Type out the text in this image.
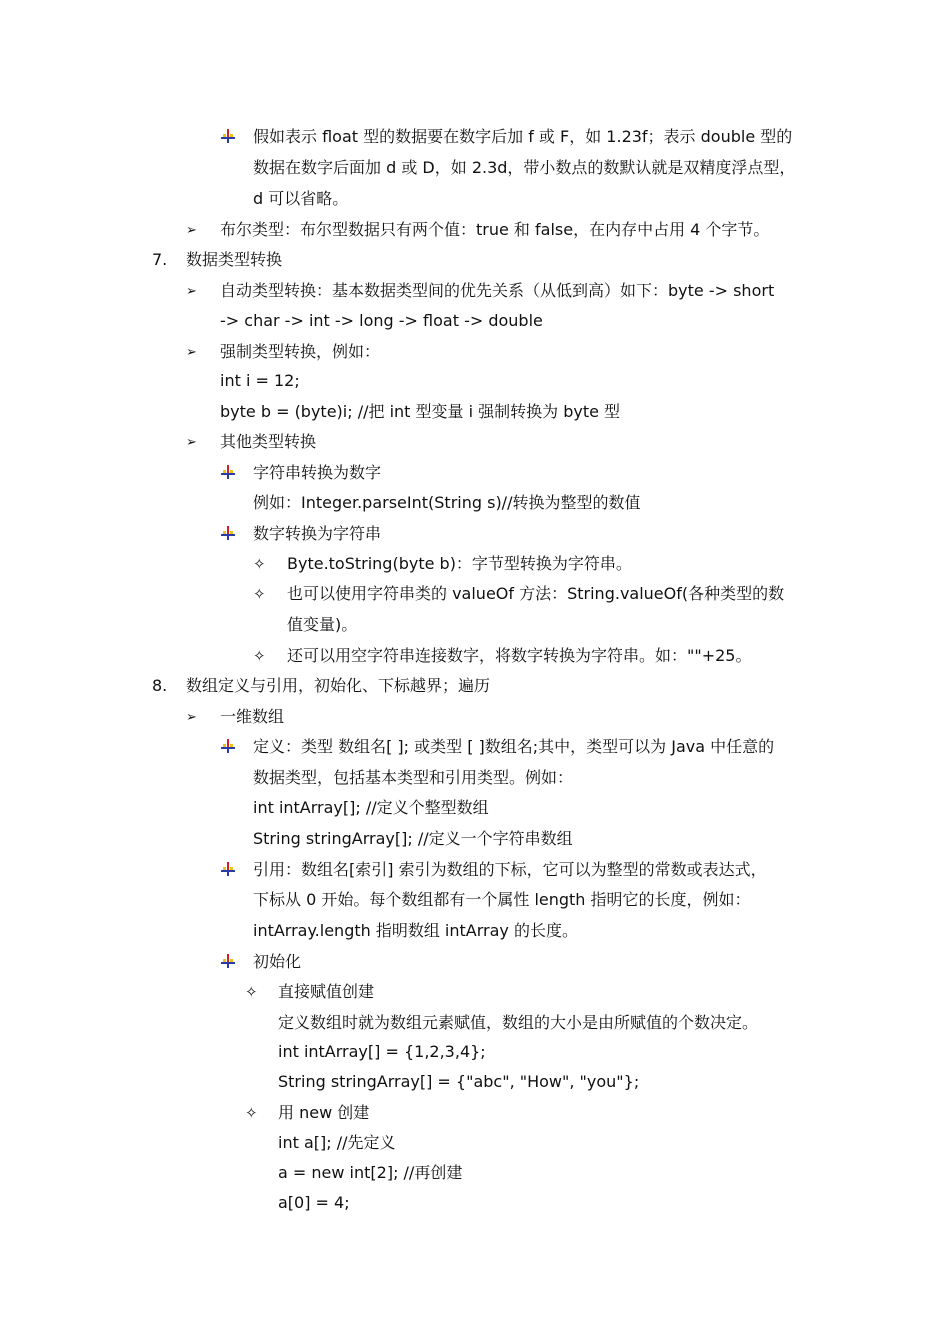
假如表示 float 型的数据要在数字后加 f 或 F，如 1.23f；表示 double 型的
数据在数字后面加 d 或 D，如 2.3d，带小数点的数默认就是双精度浮点型，
d 可以省略。
➢ 布尔类型：布尔型数据只有两个值：true 和 false，在内存中占用 4 个字节。
7. 数据类型转换
➢ 自动类型转换：基本数据类型间的优先关系（从低到高）如下：byte -> short
-> char -> int -> long -> float -> double
➢ 强制类型转换，例如：
int i = 12;
byte b = (byte)i; //把 int 型变量 i 强制转换为 byte 型
➢ 其他类型转换
字符串转换为数字
例如：Integer.parseInt(String s)//转换为整型的数值
数字转换为字符串
✧ Byte.toString(byte b)：字节型转换为字符串。
✧ 也可以使用字符串类的 valueOf 方法：String.valueOf(各种类型的数
值变量)。
✧ 还可以用空字符串连接数字，将数字转换为字符串。如：""+25。
8. 数组定义与引用，初始化、下标越界；遍历
➢ 一维数组
定义：类型 数组名[ ]; 或类型 [ ]数组名;其中，类型可以为 Java 中任意的
数据类型，包括基本类型和引用类型。例如：
int intArray[]; //定义个整型数组
String stringArray[]; //定义一个字符串数组
引用：数组名[索引] 索引为数组的下标，它可以为整型的常数或表达式，
下标从 0 开始。每个数组都有一个属性 length 指明它的长度，例如：
intArray.length 指明数组 intArray 的长度。
初始化
✧ 直接赋值创建
定义数组时就为数组元素赋值，数组的大小是由所赋值的个数决定。
int intArray[] = {1,2,3,4};
String stringArray[] = {"abc", "How", "you"};
✧ 用 new 创建
int a[]; //先定义
a = new int[2]; //再创建
a[0] = 4;
